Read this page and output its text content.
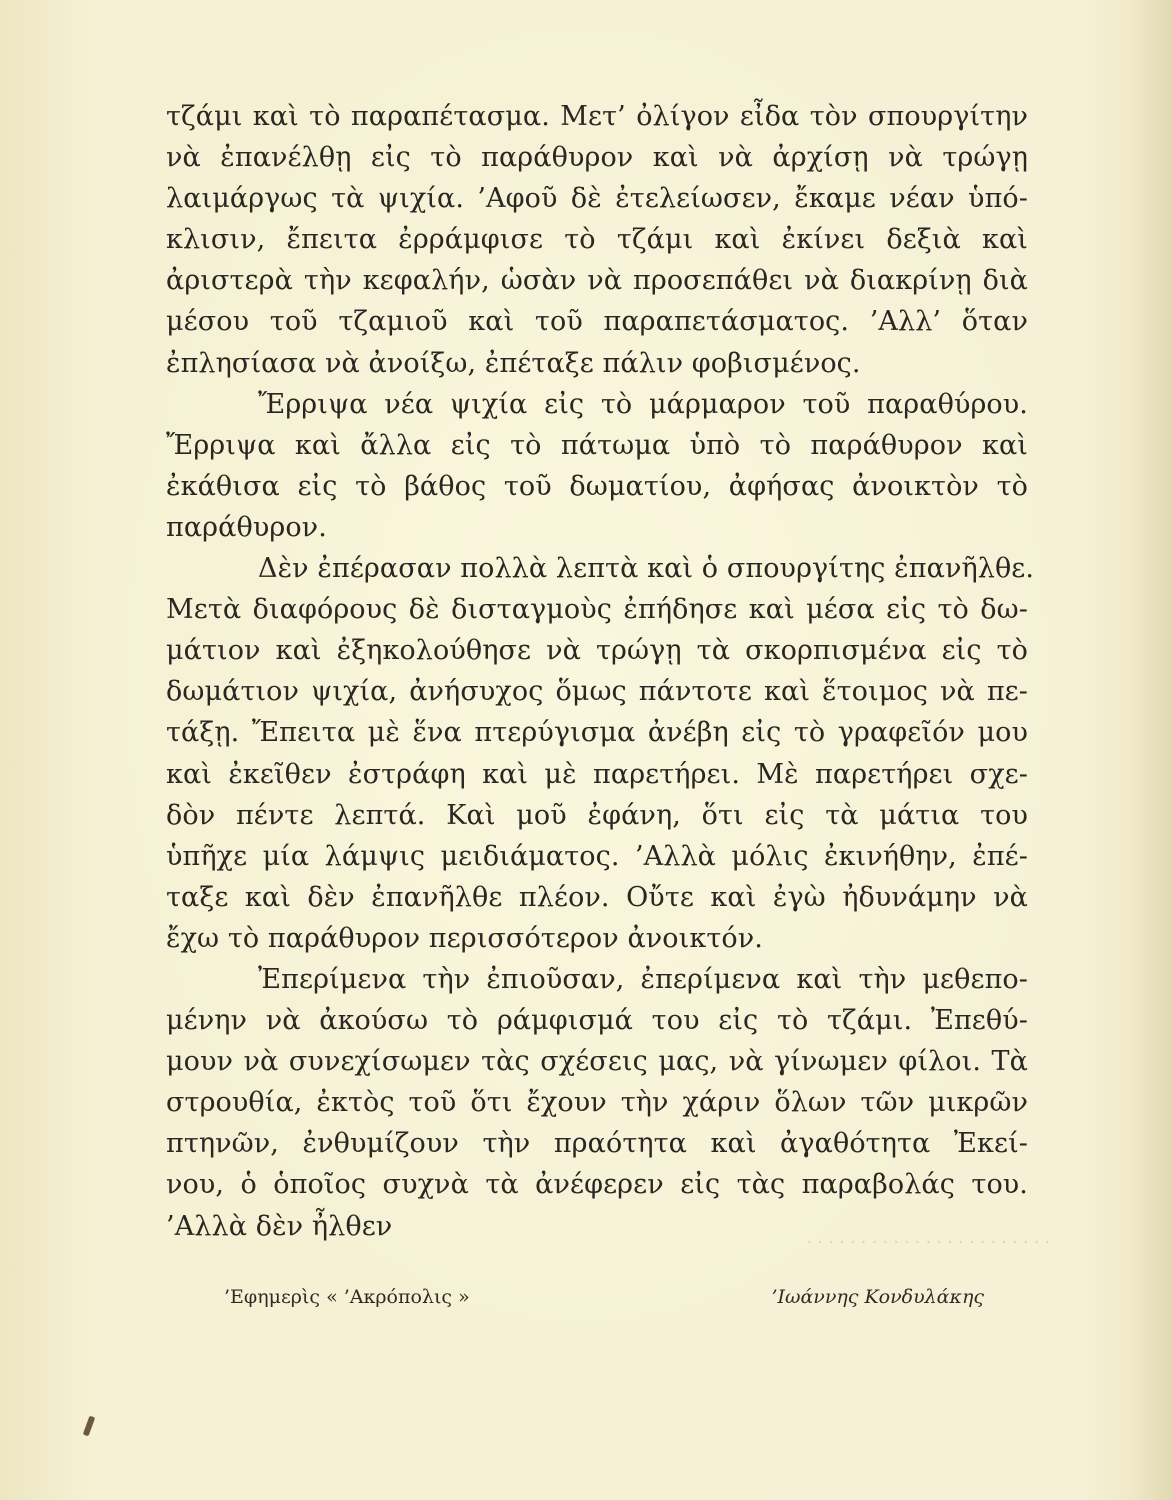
· · · · · · · · · · · · · · · · · · · · · · ·
τζάμι καὶ τὸ παραπέτασμα. Μετ’ ὀλίγον εἶδα τὸν σπουργίτην
νὰ ἐπανέλθῃ εἰς τὸ παράθυρον καὶ νὰ ἀρχίσῃ νὰ τρώγῃ
λαιμάργως τὰ ψιχία. ’Αφοῦ δὲ ἐτελείωσεν, ἔκαμε νέαν ὑπό-
κλισιν, ἔπειτα ἐρράμφισε τὸ τζάμι καὶ ἐκίνει δεξιὰ καὶ
ἀριστερὰ τὴν κεφαλήν, ὡσὰν νὰ προσεπάθει νὰ διακρίνῃ διὰ
μέσου τοῦ τζαμιοῦ καὶ τοῦ παραπετάσματος. ’Αλλ’ ὅταν
ἐπλησίασα νὰ ἀνοίξω, ἐπέταξε πάλιν φοβισμένος.
Ἔρριψα νέα ψιχία εἰς τὸ μάρμαρον τοῦ παραθύρου.
Ἔρριψα καὶ ἄλλα εἰς τὸ πάτωμα ὑπὸ τὸ παράθυρον καὶ
ἐκάθισα εἰς τὸ βάθος τοῦ δωματίου, ἀφήσας ἀνοικτὸν τὸ
παράθυρον.
Δὲν ἐπέρασαν πολλὰ λεπτὰ καὶ ὁ σπουργίτης ἐπανῆλθε.
Μετὰ διαφόρους δὲ δισταγμοὺς ἐπήδησε καὶ μέσα εἰς τὸ δω-
μάτιον καὶ ἐξηκολούθησε νὰ τρώγῃ τὰ σκορπισμένα εἰς τὸ
δωμάτιον ψιχία, ἀνήσυχος ὅμως πάντοτε καὶ ἕτοιμος νὰ πε-
τάξῃ. Ἔπειτα μὲ ἕνα πτερύγισμα ἀνέβη εἰς τὸ γραφεῖόν μου
καὶ ἐκεῖθεν ἐστράφη καὶ μὲ παρετήρει. Μὲ παρετήρει σχε-
δὸν πέντε λεπτά. Καὶ μοῦ ἐφάνη, ὅτι εἰς τὰ μάτια του
ὑπῆχε μία λάμψις μειδιάματος. ’Αλλὰ μόλις ἐκινήθην, ἐπέ-
ταξε καὶ δὲν ἐπανῆλθε πλέον. Οὔτε καὶ ἐγὼ ἠδυνάμην νὰ
ἔχω τὸ παράθυρον περισσότερον ἀνοικτόν.
Ἐπερίμενα τὴν ἐπιοῦσαν, ἐπερίμενα καὶ τὴν μεθεπο-
μένην νὰ ἀκούσω τὸ ράμφισμά του εἰς τὸ τζάμι. Ἐπεθύ-
μουν νὰ συνεχίσωμεν τὰς σχέσεις μας, νὰ γίνωμεν φίλοι. Τὰ
στρουθία, ἐκτὸς τοῦ ὅτι ἔχουν τὴν χάριν ὅλων τῶν μικρῶν
πτηνῶν, ἐνθυμίζουν τὴν πραότητα καὶ ἀγαθότητα Ἐκεί-
νου, ὁ ὁποῖος συχνὰ τὰ ἀνέφερεν εἰς τὰς παραβολάς του.
’Αλλὰ δὲν ἦλθεν
’Εφημερὶς « ’Ακρόπολις »	’Ιωάννης Κονδυλάκης
